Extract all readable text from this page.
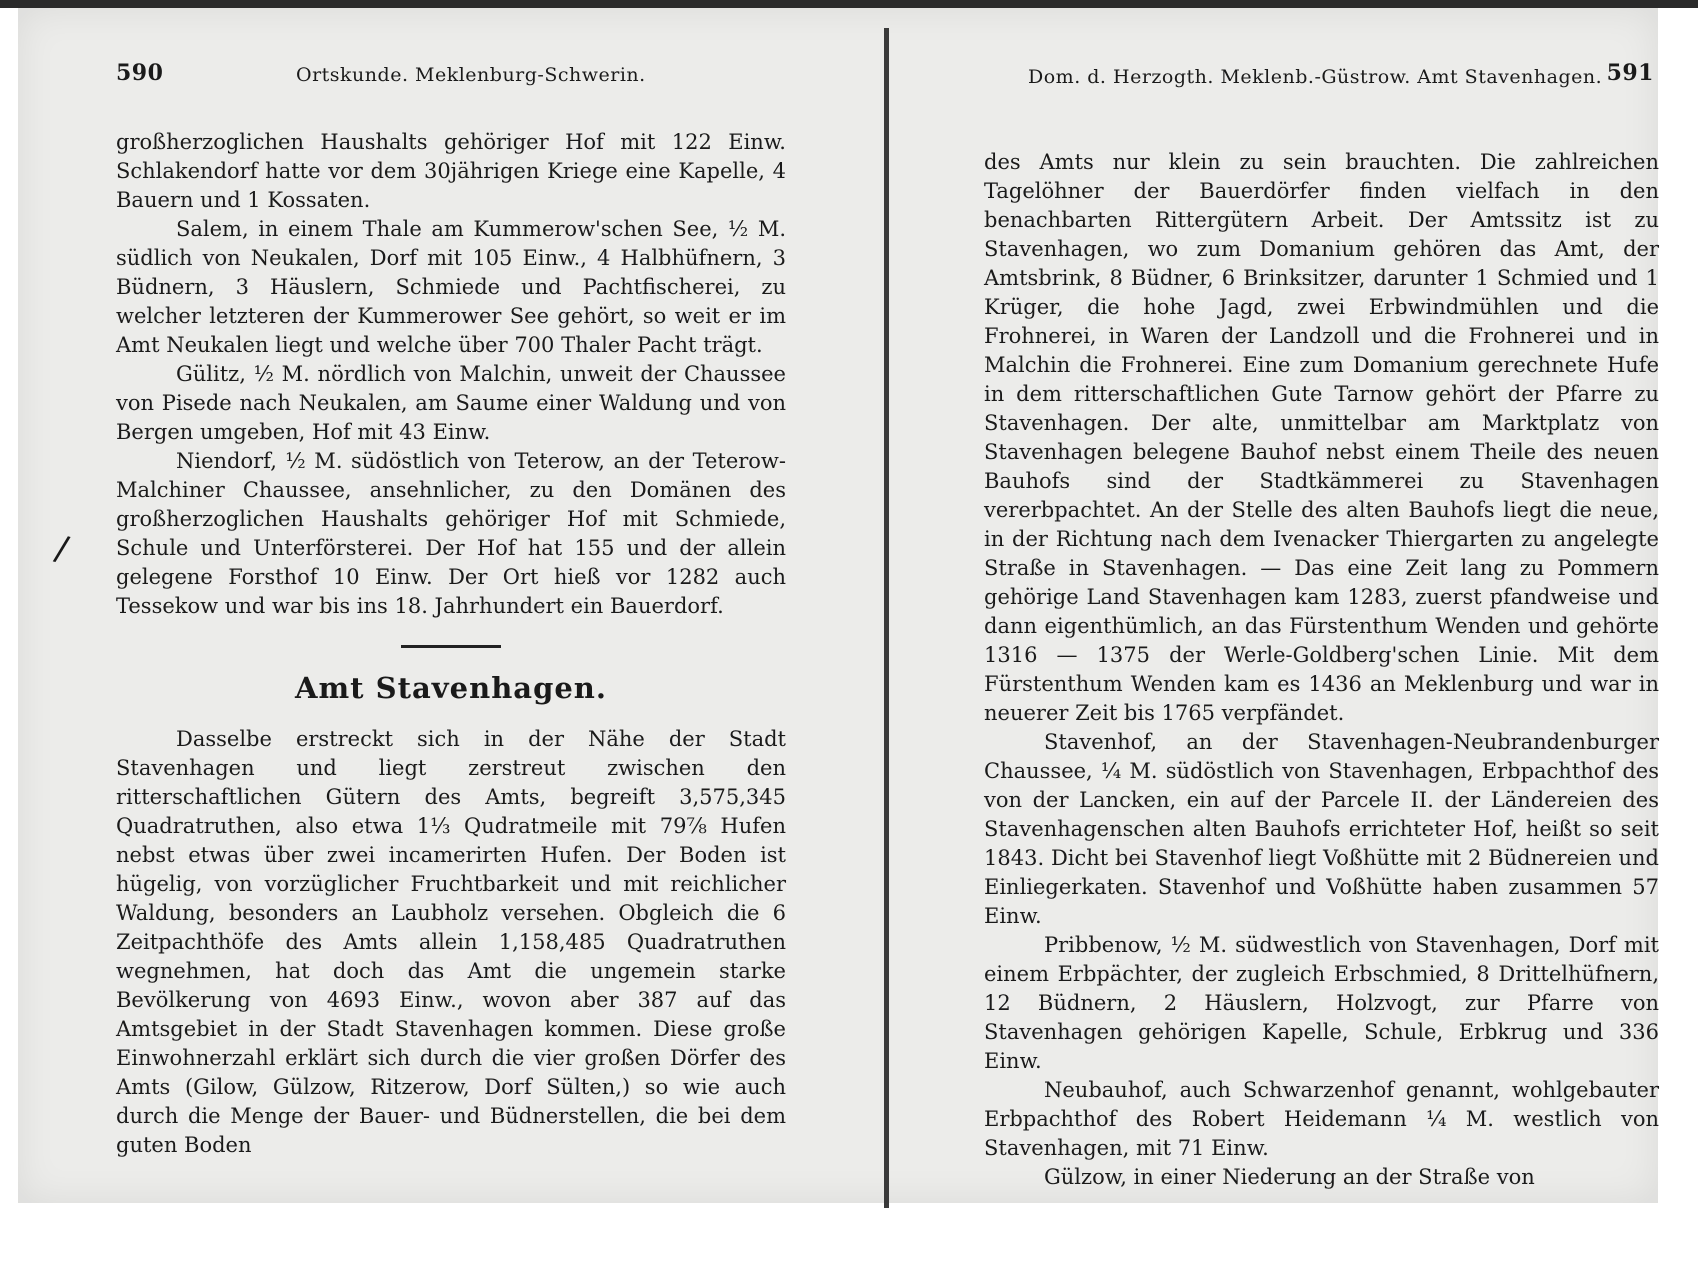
590	Ortskunde. Meklenburg-Schwerin.

großherzoglichen Haushalts gehöriger Hof mit 122 Einw. Schlakendorf hatte vor dem 30jährigen Kriege eine Kapelle, 4 Bauern und 1 Kossaten.

Salem, in einem Thale am Kummerow'schen See, ½ M. südlich von Neukalen, Dorf mit 105 Einw., 4 Halbhüfnern, 3 Büdnern, 3 Häuslern, Schmiede und Pachtfischerei, zu welcher letzteren der Kummerower See gehört, so weit er im Amt Neukalen liegt und welche über 700 Thaler Pacht trägt.

Gülitz, ½ M. nördlich von Malchin, unweit der Chaussee von Pisede nach Neukalen, am Saume einer Waldung und von Bergen umgeben, Hof mit 43 Einw.

Niendorf, ½ M. südöstlich von Teterow, an der Teterow-Malchiner Chaussee, ansehnlicher, zu den Domänen des großherzoglichen Haushalts gehöriger Hof mit Schmiede, Schule und Unterförsterei. Der Hof hat 155 und der allein gelegene Forsthof 10 Einw. Der Ort hieß vor 1282 auch Tessekow und war bis ins 18. Jahrhundert ein Bauerdorf.

Amt Stavenhagen.

Dasselbe erstreckt sich in der Nähe der Stadt Stavenhagen und liegt zerstreut zwischen den ritterschaftlichen Gütern des Amts, begreift 3,575,345 Quadratruthen, also etwa 1⅓ Qudratmeile mit 79⅞ Hufen nebst etwas über zwei incamerirten Hufen. Der Boden ist hügelig, von vorzüglicher Fruchtbarkeit und mit reichlicher Waldung, besonders an Laubholz versehen. Obgleich die 6 Zeitpachthöfe des Amts allein 1,158,485 Quadratruthen wegnehmen, hat doch das Amt die ungemein starke Bevölkerung von 4693 Einw., wovon aber 387 auf das Amtsgebiet in der Stadt Stavenhagen kommen. Diese große Einwohnerzahl erklärt sich durch die vier großen Dörfer des Amts (Gilow, Gülzow, Ritzerow, Dorf Sülten,) so wie auch durch die Menge der Bauer- und Büdnerstellen, die bei dem guten Boden

Dom. d. Herzogth. Meklenb.-Güstrow. Amt Stavenhagen. 591

des Amts nur klein zu sein brauchten. Die zahlreichen Tagelöhner der Bauerdörfer finden vielfach in den benachbarten Rittergütern Arbeit. Der Amtssitz ist zu Stavenhagen, wo zum Domanium gehören das Amt, der Amtsbrink, 8 Büdner, 6 Brinksitzer, darunter 1 Schmied und 1 Krüger, die hohe Jagd, zwei Erbwindmühlen und die Frohnerei, in Waren der Landzoll und die Frohnerei und in Malchin die Frohnerei. Eine zum Domanium gerechnete Hufe in dem ritterschaftlichen Gute Tarnow gehört der Pfarre zu Stavenhagen. Der alte, unmittelbar am Marktplatz von Stavenhagen belegene Bauhof nebst einem Theile des neuen Bauhofs sind der Stadtkämmerei zu Stavenhagen vererbpachtet. An der Stelle des alten Bauhofs liegt die neue, in der Richtung nach dem Ivenacker Thiergarten zu angelegte Straße in Stavenhagen. — Das eine Zeit lang zu Pommern gehörige Land Stavenhagen kam 1283, zuerst pfandweise und dann eigenthümlich, an das Fürstenthum Wenden und gehörte 1316 — 1375 der Werle-Goldberg'schen Linie. Mit dem Fürstenthum Wenden kam es 1436 an Meklenburg und war in neuerer Zeit bis 1765 verpfändet.

Stavenhof, an der Stavenhagen-Neubrandenburger Chaussee, ¼ M. südöstlich von Stavenhagen, Erbpachthof des von der Lancken, ein auf der Parcele II. der Ländereien des Stavenhagenschen alten Bauhofs errichteter Hof, heißt so seit 1843. Dicht bei Stavenhof liegt Voßhütte mit 2 Büdnereien und Einliegerkaten. Stavenhof und Voßhütte haben zusammen 57 Einw.

Pribbenow, ½ M. südwestlich von Stavenhagen, Dorf mit einem Erbpächter, der zugleich Erbschmied, 8 Drittelhüfnern, 12 Büdnern, 2 Häuslern, Holzvogt, zur Pfarre von Stavenhagen gehörigen Kapelle, Schule, Erbkrug und 336 Einw.

Neubauhof, auch Schwarzenhof genannt, wohlgebauter Erbpachthof des Robert Heidemann ¼ M. westlich von Stavenhagen, mit 71 Einw.

Gülzow, in einer Niederung an der Straße von

/
